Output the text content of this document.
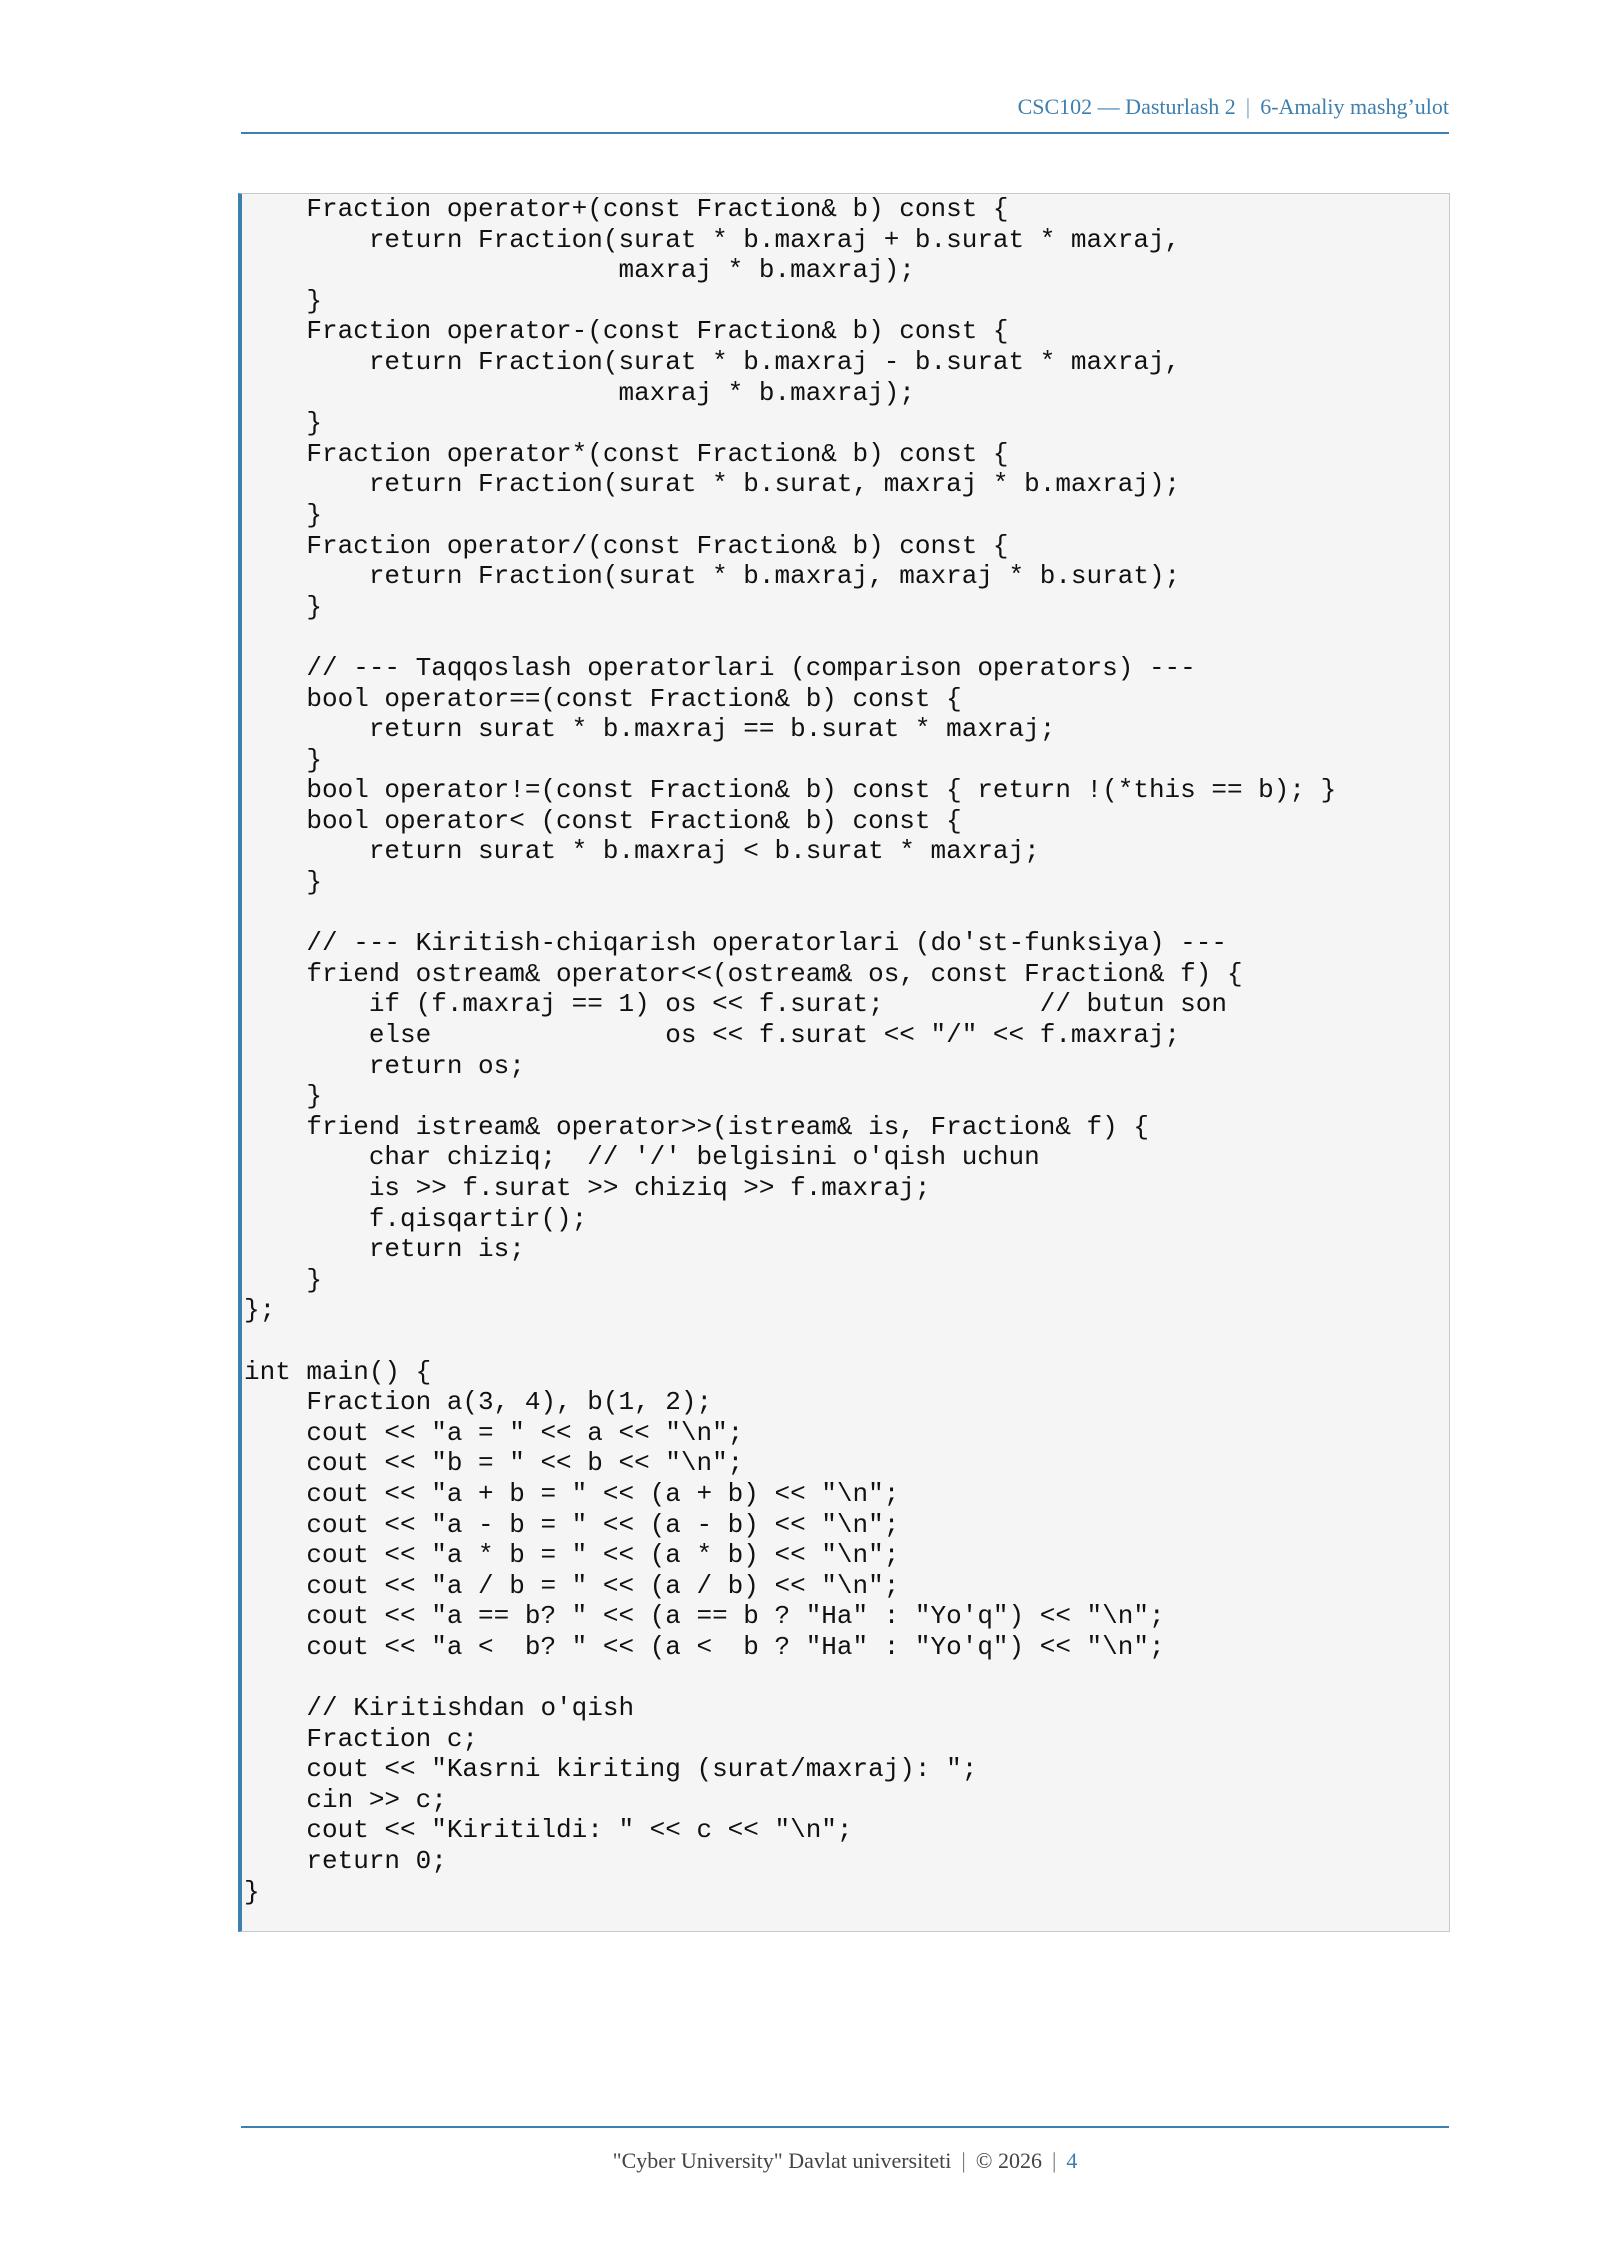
CSC102 — Dasturlash 2 | 6-Amaliy mashg’ulot
Fraction operator+(const Fraction& b) const {
return Fraction(surat * b.maxraj + b.surat * maxraj,
maxraj * b.maxraj);
}
Fraction operator-(const Fraction& b) const {
return Fraction(surat * b.maxraj - b.surat * maxraj,
maxraj * b.maxraj);
}
Fraction operator*(const Fraction& b) const {
return Fraction(surat * b.surat, maxraj * b.maxraj);
}
Fraction operator/(const Fraction& b) const {
return Fraction(surat * b.maxraj, maxraj * b.surat);
}

// --- Taqqoslash operatorlari (comparison operators) ---
bool operator==(const Fraction& b) const {
return surat * b.maxraj == b.surat * maxraj;
}
bool operator!=(const Fraction& b) const { return !(*this == b); }
bool operator< (const Fraction& b) const {
return surat * b.maxraj < b.surat * maxraj;
}

// --- Kiritish-chiqarish operatorlari (do'st-funksiya) ---
friend ostream& operator<<(ostream& os, const Fraction& f) {
if (f.maxraj == 1) os << f.surat;          // butun son
else               os << f.surat << "/" << f.maxraj;
return os;
}
friend istream& operator>>(istream& is, Fraction& f) {
char chiziq;  // '/' belgisini o'qish uchun
is >> f.surat >> chiziq >> f.maxraj;
f.qisqartir();
return is;
}
};

int main() {
Fraction a(3, 4), b(1, 2);
cout << "a = " << a << "\n";
cout << "b = " << b << "\n";
cout << "a + b = " << (a + b) << "\n";
cout << "a - b = " << (a - b) << "\n";
cout << "a * b = " << (a * b) << "\n";
cout << "a / b = " << (a / b) << "\n";
cout << "a == b? " << (a == b ? "Ha" : "Yo'q") << "\n";
cout << "a <  b? " << (a <  b ? "Ha" : "Yo'q") << "\n";

// Kiritishdan o'qish
Fraction c;
cout << "Kasrni kiriting (surat/maxraj): ";
cin >> c;
cout << "Kiritildi: " << c << "\n";
return 0;
}

"Cyber University" Davlat universiteti | © 2026 | 4
